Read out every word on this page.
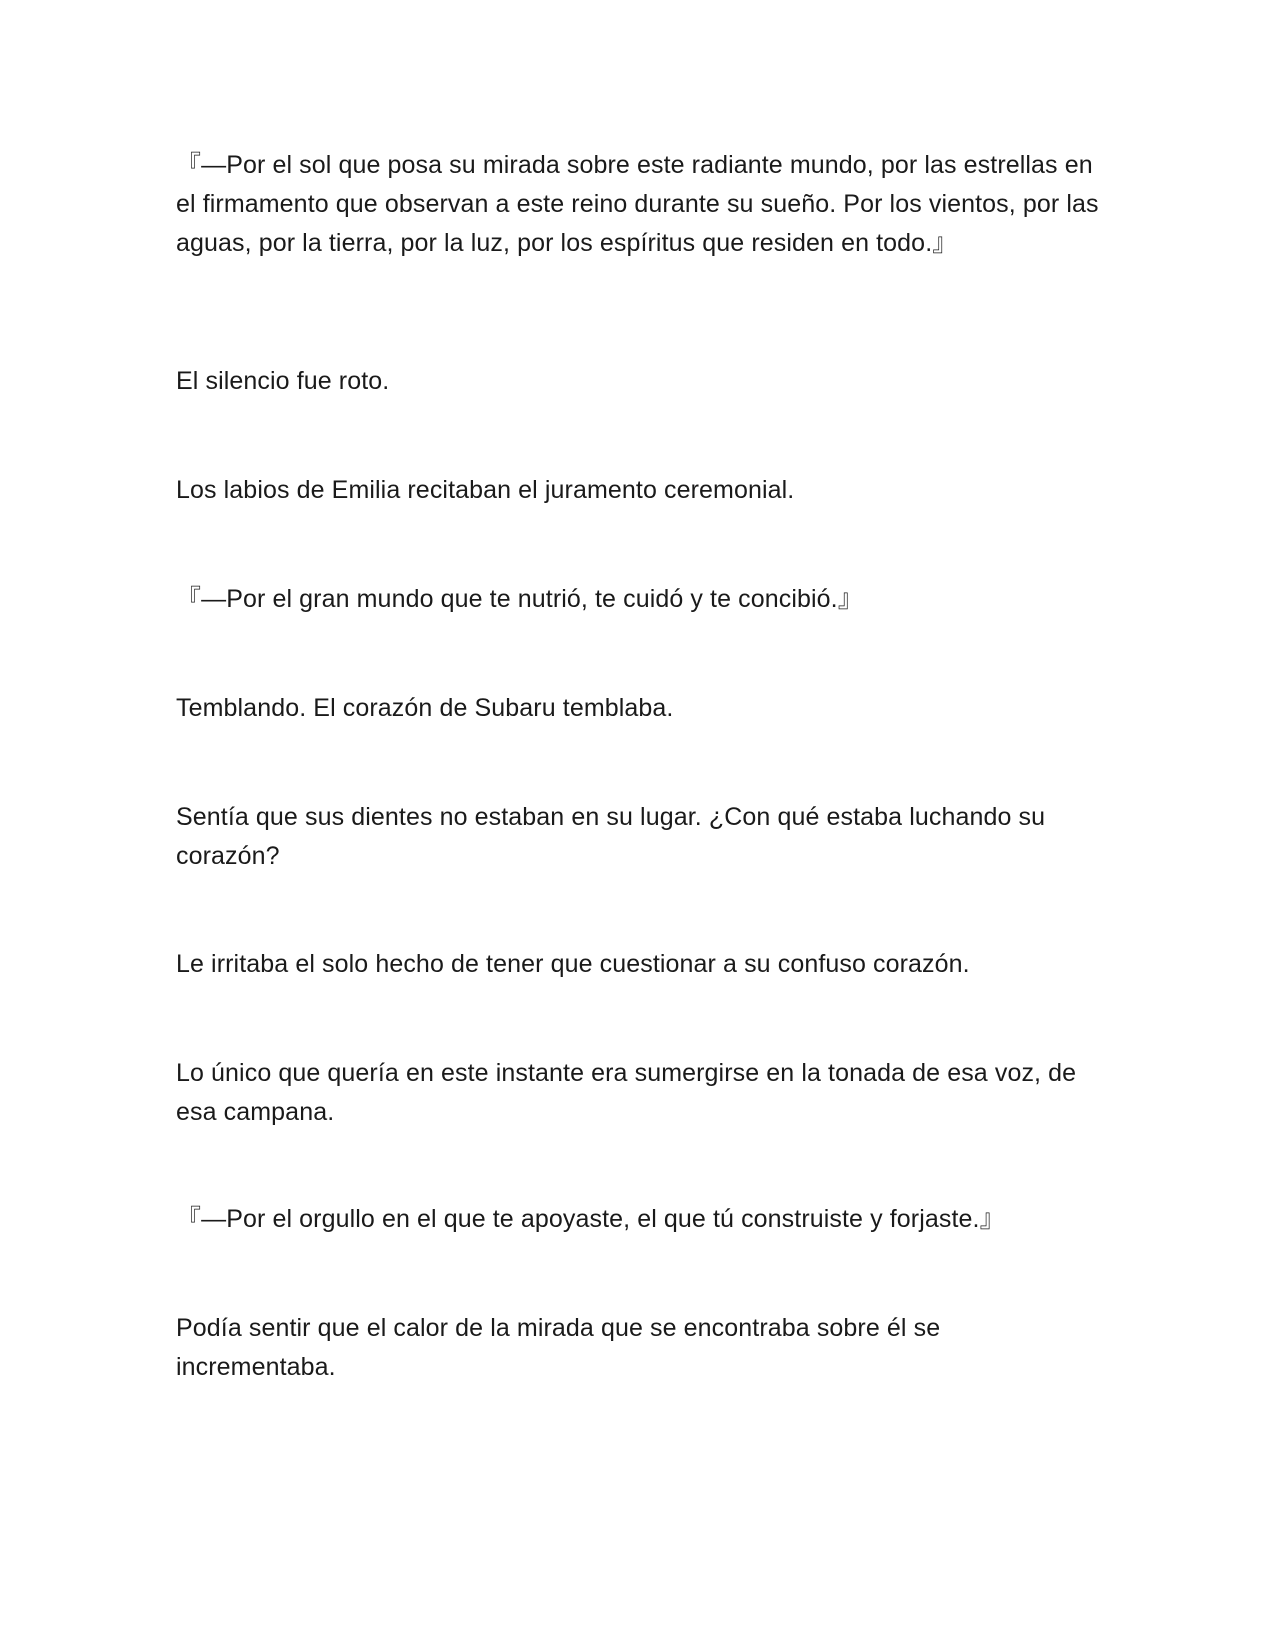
『—Por el sol que posa su mirada sobre este radiante mundo, por las estrellas en el firmamento que observan a este reino durante su sueño. Por los vientos, por las aguas, por la tierra, por la luz, por los espíritus que residen en todo.』

El silencio fue roto.

Los labios de Emilia recitaban el juramento ceremonial.

『—Por el gran mundo que te nutrió, te cuidó y te concibió.』

Temblando. El corazón de Subaru temblaba.

Sentía que sus dientes no estaban en su lugar. ¿Con qué estaba luchando su corazón?

Le irritaba el solo hecho de tener que cuestionar a su confuso corazón.

Lo único que quería en este instante era sumergirse en la tonada de esa voz, de esa campana.

『—Por el orgullo en el que te apoyaste, el que tú construiste y forjaste.』

Podía sentir que el calor de la mirada que se encontraba sobre él se incrementaba.
